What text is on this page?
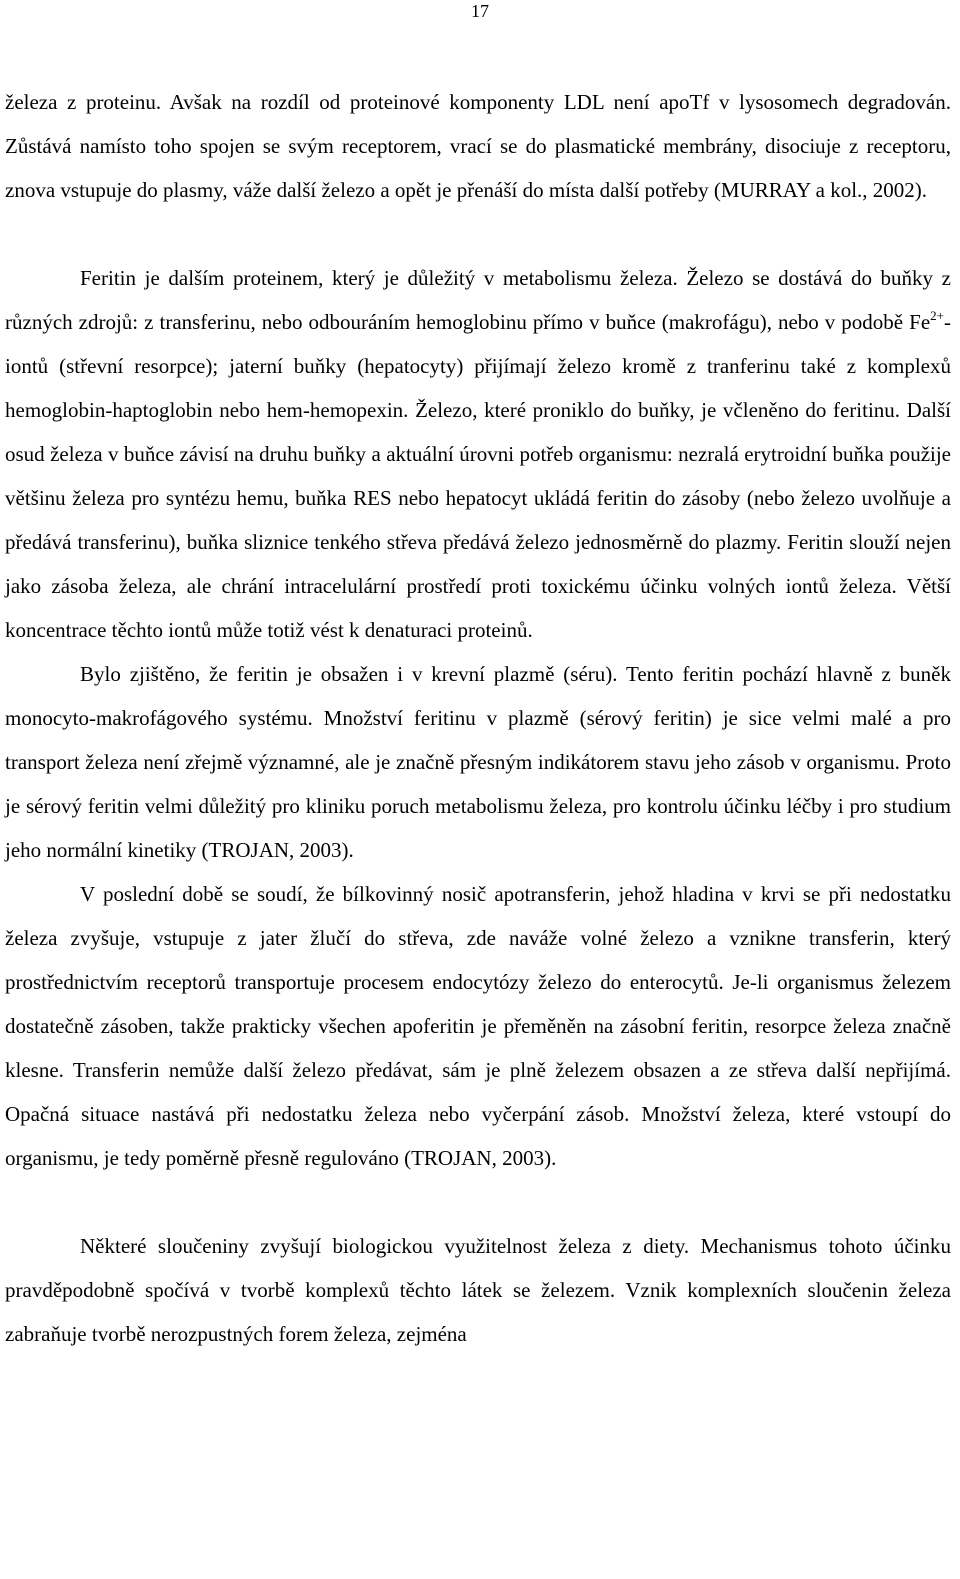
17

železa z proteinu. Avšak na rozdíl od proteinové komponenty LDL není apoTf v lysosomech degradován. Zůstává namísto toho spojen se svým receptorem, vrací se do plasmatické membrány, disociuje z receptoru, znova vstupuje do plasmy, váže další železo a opět je přenáší do místa další potřeby (MURRAY a kol., 2002).

Feritin je dalším proteinem, který je důležitý v metabolismu železa. Železo se dostává do buňky z různých zdrojů: z transferinu, nebo odbouráním hemoglobinu přímo v buňce (makrofágu), nebo v podobě $Fe^{2+}$-iontů (střevní resorpce); jaterní buňky (hepatocyty) přijímají železo kromě z tranferinu také z komplexů hemoglobin-haptoglobin nebo hem-hemopexin. Železo, které proniklo do buňky, je včleněno do feritinu. Další osud železa v buňce závisí na druhu buňky a aktuální úrovni potřeb organismu: nezralá erytroidní buňka použije většinu železa pro syntézu hemu, buňka RES nebo hepatocyt ukládá feritin do zásoby (nebo železo uvolňuje a předává transferinu), buňka sliznice tenkého střeva předává železo jednosměrně do plazmy. Feritin slouží nejen jako zásoba železa, ale chrání intracelulární prostředí proti toxickému účinku volných iontů železa. Větší koncentrace těchto iontů může totiž vést k denaturaci proteinů.

Bylo zjištěno, že feritin je obsažen i v krevní plazmě (séru). Tento feritin pochází hlavně z buněk monocyto-makrofágového systému. Množství feritinu v plazmě (sérový feritin) je sice velmi malé a pro transport železa není zřejmě významné, ale je značně přesným indikátorem stavu jeho zásob v organismu. Proto je sérový feritin velmi důležitý pro kliniku poruch metabolismu železa, pro kontrolu účinku léčby i pro studium jeho normální kinetiky (TROJAN, 2003).

V poslední době se soudí, že bílkovinný nosič apotransferin, jehož hladina v krvi se při nedostatku železa zvyšuje, vstupuje z jater žlučí do střeva, zde naváže volné železo a vznikne transferin, který prostřednictvím receptorů transportuje procesem endocytózy železo do enterocytů. Je-li organismus železem dostatečně zásoben, takže prakticky všechen apoferitin je přeměněn na zásobní feritin, resorpce železa značně klesne. Transferin nemůže další železo předávat, sám je plně železem obsazen a ze střeva další nepřijímá. Opačná situace nastává při nedostatku železa nebo vyčerpání zásob. Množství železa, které vstoupí do organismu, je tedy poměrně přesně regulováno (TROJAN, 2003).

Některé sloučeniny zvyšují biologickou využitelnost železa z diety. Mechanismus tohoto účinku pravděpodobně spočívá v tvorbě komplexů těchto látek se železem. Vznik komplexních sloučenin železa zabraňuje tvorbě nerozpustných forem železa, zejména
